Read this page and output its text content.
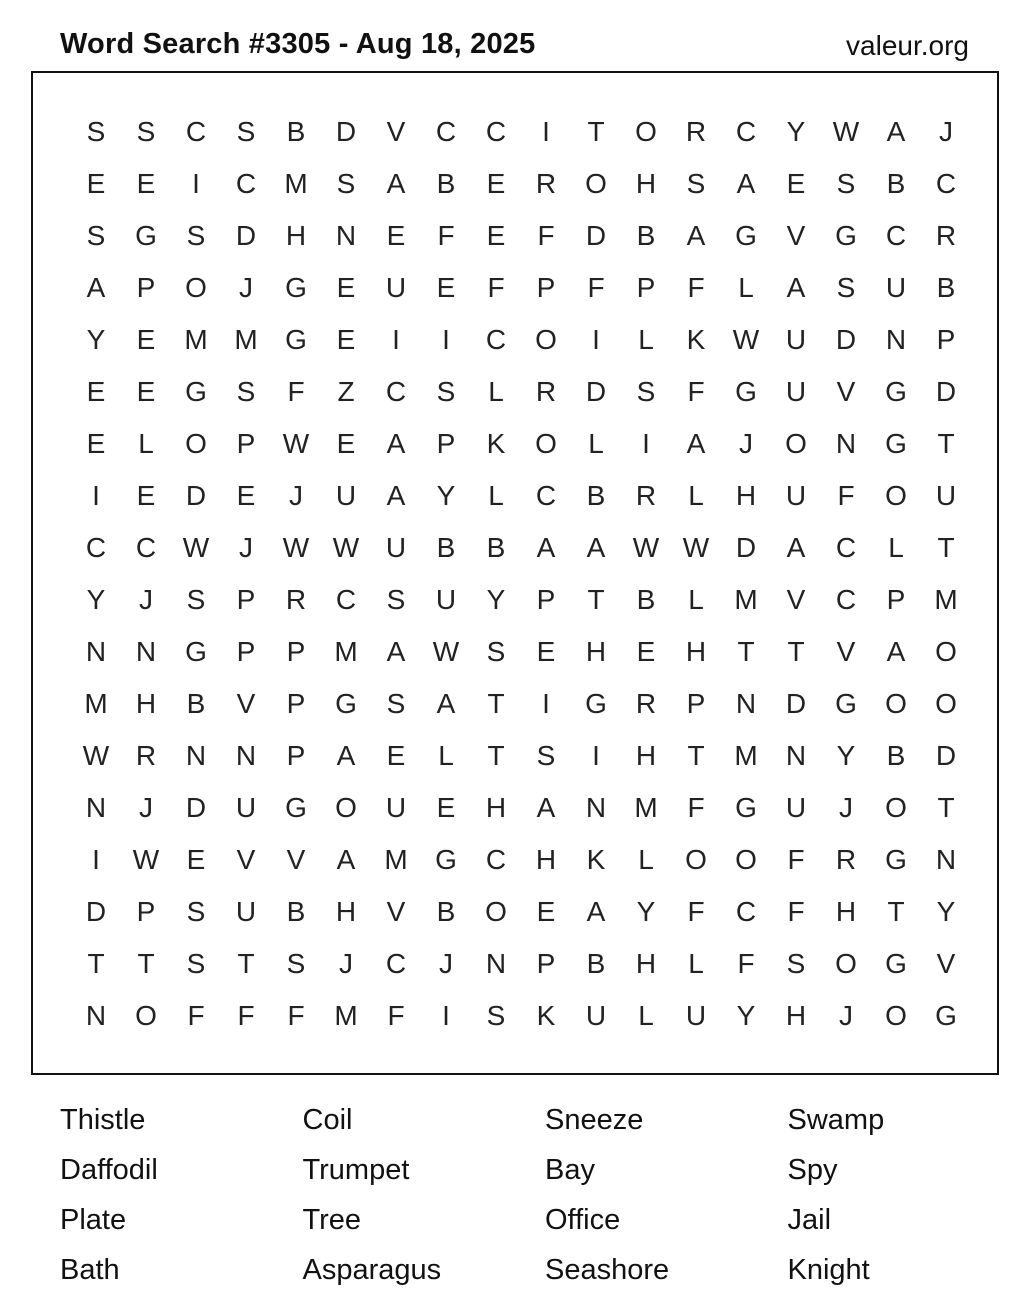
Word Search #3305 - Aug 18, 2025	valeur.org
S	S	C	S	B	D	V	C	C	I	T	O	R	C	Y W A	J
E	E	I	C	M	S	A	B	E	R	O	H	S	A	E	S	B	C
S	G	S	D	H	N	E	F	E	F	D	B	A	G	V	G	C	R
A	P	O	J	G	E	U	E	F	P	F	P	F	L	A	S	U	B
Y	E	M M G	E	I	I	C	O	I	L	K W U	D	N	P
E	E	G	S	F	Z	C	S	L	R	D	S	F	G	U	V	G	D
E	L	O	P W E	A	P	K	O	L	I	A	J	O	N	G	T
I	E	D	E	J	U	A	Y	L	C	B	R	L	H	U	F	O	U
C	C W	J	W W U	B	B	A	A W W D	A	C	L	T
Y	J	S	P	R	C	S	U	Y	P	T	B	L	M	V	C	P	M
N	N	G	P	P	M	A W S	E	H	E	H	T	T	V	A	O
M	H	B	V	P	G	S	A	T	I	G	R	P	N	D	G	O	O
W R	N	N	P	A	E	L	T	S	I	H	T	M	N	Y	B	D
N	J	D	U	G	O	U	E	H	A	N	M	F	G	U	J	O	T
I	W E	V	V	A	M G	C	H	K	L	O	O	F	R	G	N
D	P	S	U	B	H	V	B	O	E	A	Y	F	C	F	H	T	Y
T	T	S	T	S	J	C	J	N	P	B	H	L	F	S	O	G	V
N	O	F	F	F	M	F	I	S	K	U	L	U	Y	H	J	O	G
Thistle	Coil	Sneeze	Swamp
Daffodil	Trumpet	Bay	Spy
Plate	Tree	Office	Jail
Bath	Asparagus	Seashore	Knight
